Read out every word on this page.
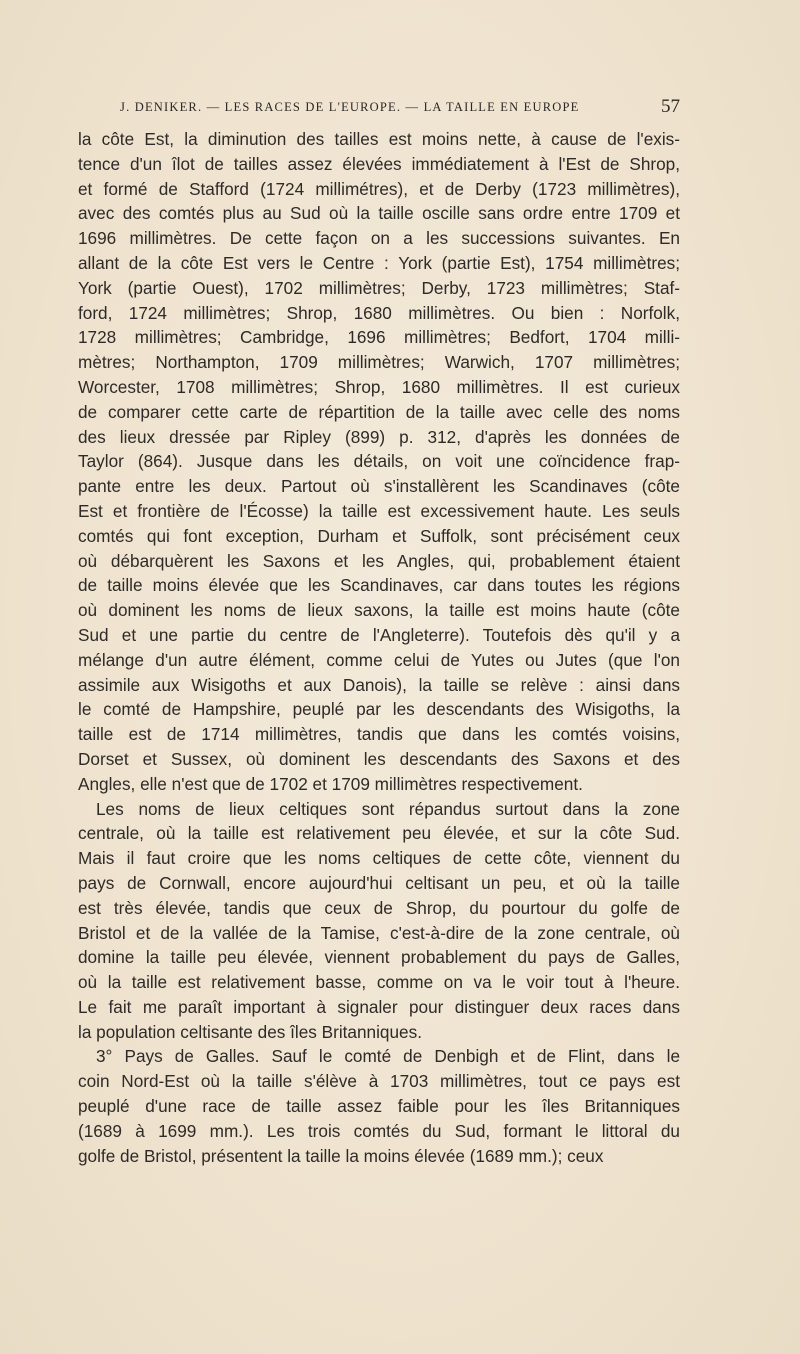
J. DENIKER. — LES RACES DE L'EUROPE. — LA TAILLE EN EUROPE	57
la côte Est, la diminution des tailles est moins nette, à cause de l'exis-
tence d'un îlot de tailles assez élevées immédiatement à l'Est de Shrop,
et formé de Stafford (1724 millimétres), et de Derby (1723 millimètres),
avec des comtés plus au Sud où la taille oscille sans ordre entre 1709 et
1696 millimètres. De cette façon on a les successions suivantes. En
allant de la côte Est vers le Centre : York (partie Est), 1754 millimètres;
York (partie Ouest), 1702 millimètres; Derby, 1723 millimètres; Staf-
ford, 1724 millimètres; Shrop, 1680 millimètres. Ou bien : Norfolk,
1728 millimètres; Cambridge, 1696 millimètres; Bedfort, 1704 milli-
mètres; Northampton, 1709 millimètres; Warwich, 1707 millimètres;
Worcester, 1708 millimètres; Shrop, 1680 millimètres. Il est curieux
de comparer cette carte de répartition de la taille avec celle des noms
des lieux dressée par Ripley (899) p. 312, d'après les données de
Taylor (864). Jusque dans les détails, on voit une coïncidence frap-
pante entre les deux. Partout où s'installèrent les Scandinaves (côte
Est et frontière de l'Écosse) la taille est excessivement haute. Les seuls
comtés qui font exception, Durham et Suffolk, sont précisément ceux
où débarquèrent les Saxons et les Angles, qui, probablement étaient
de taille moins élevée que les Scandinaves, car dans toutes les régions
où dominent les noms de lieux saxons, la taille est moins haute (côte
Sud et une partie du centre de l'Angleterre). Toutefois dès qu'il y a
mélange d'un autre élément, comme celui de Yutes ou Jutes (que l'on
assimile aux Wisigoths et aux Danois), la taille se relève : ainsi dans
le comté de Hampshire, peuplé par les descendants des Wisigoths, la
taille est de 1714 millimètres, tandis que dans les comtés voisins,
Dorset et Sussex, où dominent les descendants des Saxons et des
Angles, elle n'est que de 1702 et 1709 millimètres respectivement.
Les noms de lieux celtiques sont répandus surtout dans la zone
centrale, où la taille est relativement peu élevée, et sur la côte Sud.
Mais il faut croire que les noms celtiques de cette côte, viennent du
pays de Cornwall, encore aujourd'hui celtisant un peu, et où la taille
est très élevée, tandis que ceux de Shrop, du pourtour du golfe de
Bristol et de la vallée de la Tamise, c'est-à-dire de la zone centrale, où
domine la taille peu élevée, viennent probablement du pays de Galles,
où la taille est relativement basse, comme on va le voir tout à l'heure.
Le fait me paraît important à signaler pour distinguer deux races dans
la population celtisante des îles Britanniques.
3° Pays de Galles. Sauf le comté de Denbigh et de Flint, dans le
coin Nord-Est où la taille s'élève à 1703 millimètres, tout ce pays est
peuplé d'une race de taille assez faible pour les îles Britanniques
(1689 à 1699 mm.). Les trois comtés du Sud, formant le littoral du
golfe de Bristol, présentent la taille la moins élevée (1689 mm.); ceux
